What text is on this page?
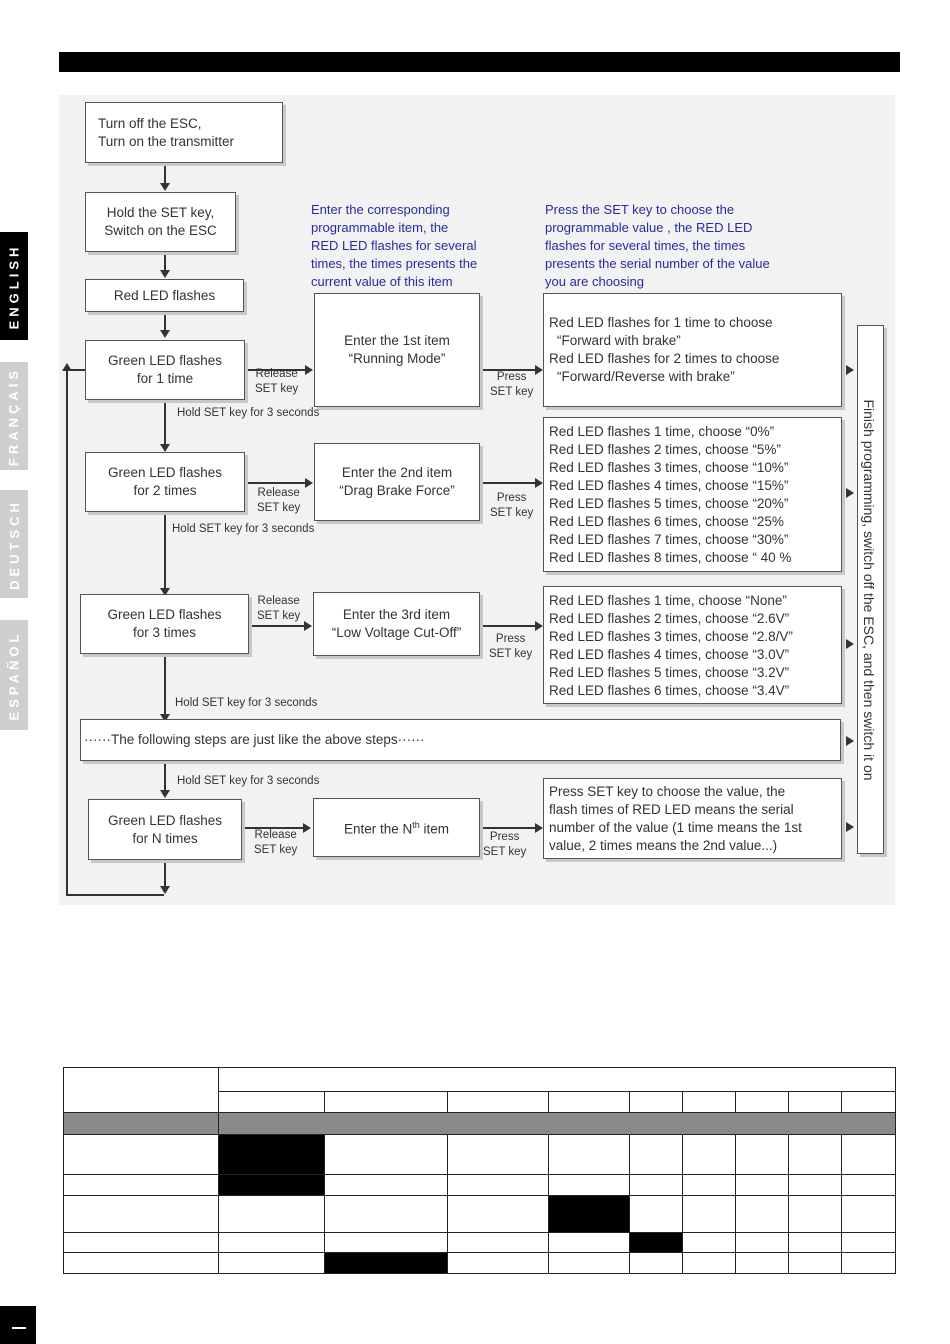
ENGLISH
FRANÇAIS
DEUTSCH
ESPAÑOL
Turn off the ESC,
Turn on the transmitter
Hold the SET key,
Switch on the ESC
Red LED flashes
Green LED flashes
for 1 time
Green LED flashes
for 2 times
Green LED flashes
for 3 times
Green LED flashes
for N times
Enter the 1st item
“Running Mode”
Enter the 2nd item
“Drag Brake Force”
Enter the 3rd item
“Low Voltage Cut-Off”
Enter the $N^{th}$ item
Enter the corresponding
programmable item, the
RED LED flashes for several
times, the times presents the
current value of this item
Press the SET key to choose the
programmable value , the RED LED
flashes for several times, the times
presents the serial number of the value
you are choosing
Red LED flashes for 1 time to choose
“Forward with brake”
Red LED flashes for 2 times to choose
“Forward/Reverse with brake”
Red LED flashes 1 time, choose “0%”
Red LED flashes 2 times, choose “5%”
Red LED flashes 3 times, choose “10%”
Red LED flashes 4 times, choose “15%”
Red LED flashes 5 times, choose “20%”
Red LED flashes 6 times, choose “25%
Red LED flashes 7 times, choose “30%”
Red LED flashes 8 times, choose “ 40 %
Red LED flashes 1 time, choose “None”
Red LED flashes 2 times, choose “2.6V”
Red LED flashes 3 times, choose “2.8/V”
Red LED flashes 4 times, choose “3.0V”
Red LED flashes 5 times, choose “3.2V”
Red LED flashes 6 times, choose “3.4V”
Press SET key to choose the value, the
flash times of RED LED means the serial
number of the value (1 time means the 1st
value, 2 times means the 2nd value...)
······The following steps are just like the above steps······	Finish programming, switch off the ESC, and then switch it on
Release
SET key
Press
SET key
Release
SET key
Press
SET key
Release
SET key
Press
SET key
Release
SET key
Press
SET key
Hold SET key for 3 seconds
Hold SET key for 3 seconds
Hold SET key for 3 seconds
Hold SET key for 3 seconds
